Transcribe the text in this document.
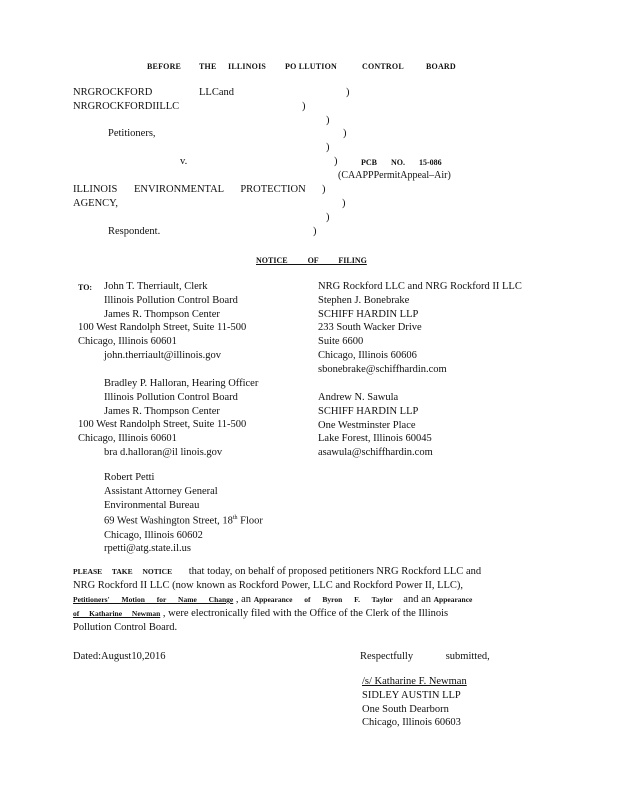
BEFORE THE ILLINOIS PO LLUTION	CONTROL	BOARD
NRGROCKFORD	LLCand	)
NRGROCKFORDIILLC	)
)
Petitioners,	)
)
v.	)	PCB NO. 15-086
(CAAPPPermitAppeal–Air)
ILLINOIS ENVIRONMENTAL PROTECTION )
AGENCY,	)
)
Respondent.	)
NOTICE OF FILING
TO:	John T. Therriault, Clerk
Illinois Pollution Control Board
James R. Thompson Center
100 West Randolph Street, Suite 11-500
Chicago, Illinois 60601
john.therriault@illinois.gov
Bradley P. Halloran, Hearing Officer
Illinois Pollution Control Board
James R. Thompson Center
100 West Randolph Street, Suite 11-500
Chicago, Illinois 60601
bra d.halloran@il linois.gov
Robert Petti
Assistant Attorney General
Environmental Bureau
69 West Washington Street, 18th Floor
Chicago, Illinois 60602
rpetti@atg.state.il.us
NRG Rockford LLC and NRG Rockford II LLC
Stephen J. Bonebrake
SCHIFF HARDIN LLP
233 South Wacker Drive
Suite 6600
Chicago, Illinois 60606
sbonebrake@schiffhardin.com
Andrew N. Sawula
SCHIFF HARDIN LLP
One Westminster Place
Lake Forest, Illinois 60045
asawula@schiffhardin.com
PLEASE TAKE NOTICE that today, on behalf of proposed petitioners NRG Rockford LLC and
NRG Rockford II LLC (now known as Rockford Power, LLC and Rockford Power II, LLC),
Petitioners' Motion for Name Change , an Appearance of Byron F. Taylor and an Appearance
of Katharine Newman , were electronically filed with the Office of the Clerk of the Illinois
Pollution Control Board.
Dated:August10,2016	Respectfully submitted,
/s/ Katharine F. Newman
SIDLEY AUSTIN LLP
One South Dearborn
Chicago, Illinois 60603
